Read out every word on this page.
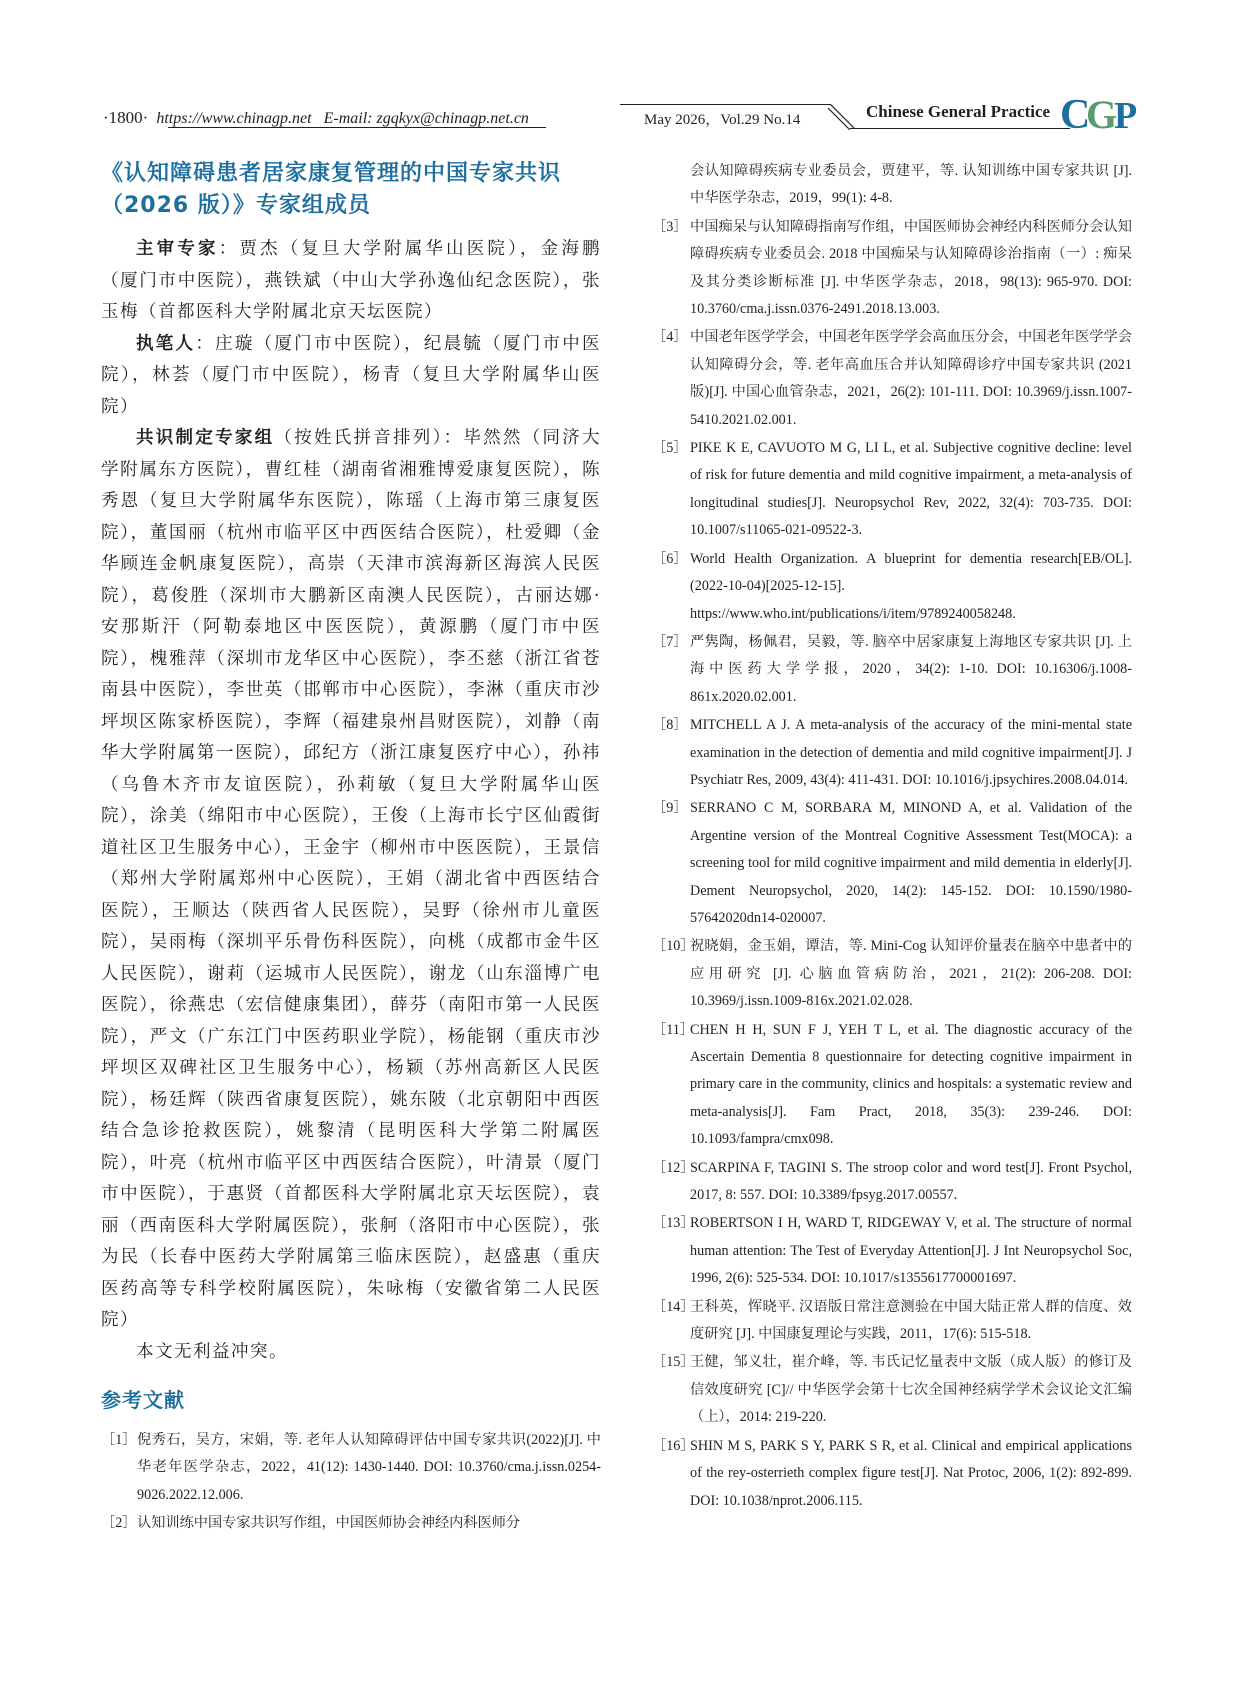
·1800· https://www.chinagp.net E-mail: zgqkyx@chinagp.net.cn	May 2026，Vol.29 No.14	Chinese General Practice C
G
P
《认知障碍患者居家康复管理的中国专家共识（2026 版）》专家组成员

主审专家：贾杰（复旦大学附属华山医院），金海鹏（厦门市中医院），燕铁斌（中山大学孙逸仙纪念医院），张玉梅（首都医科大学附属北京天坛医院）

执笔人：庄璇（厦门市中医院），纪晨毓（厦门市中医院），林荟（厦门市中医院），杨青（复旦大学附属华山医院）

共识制定专家组（按姓氏拼音排列）：毕然然（同济大学附属东方医院），曹红桂（湖南省湘雅博爱康复医院），陈秀恩（复旦大学附属华东医院），陈瑶（上海市第三康复医院），董国丽（杭州市临平区中西医结合医院），杜爱卿（金华顾连金帆康复医院），高崇（天津市滨海新区海滨人民医院），葛俊胜（深圳市大鹏新区南澳人民医院），古丽达娜·安那斯汗（阿勒泰地区中医医院），黄源鹏（厦门市中医院），槐雅萍（深圳市龙华区中心医院），李丕慈（浙江省苍南县中医院），李世英（邯郸市中心医院），李淋（重庆市沙坪坝区陈家桥医院），李辉（福建泉州昌财医院），刘静（南华大学附属第一医院），邱纪方（浙江康复医疗中心），孙祎（乌鲁木齐市友谊医院），孙莉敏（复旦大学附属华山医院），涂美（绵阳市中心医院），王俊（上海市长宁区仙霞街道社区卫生服务中心），王金宇（柳州市中医医院），王景信（郑州大学附属郑州中心医院），王娟（湖北省中西医结合医院），王顺达（陕西省人民医院），吴野（徐州市儿童医院），吴雨梅（深圳平乐骨伤科医院），向桃（成都市金牛区人民医院），谢莉（运城市人民医院），谢龙（山东淄博广电医院），徐燕忠（宏信健康集团），薛芬（南阳市第一人民医院），严文（广东江门中医药职业学院），杨能钢（重庆市沙坪坝区双碑社区卫生服务中心），杨颖（苏州高新区人民医院），杨廷辉（陕西省康复医院），姚东陂（北京朝阳中西医结合急诊抢救医院），姚黎清（昆明医科大学第二附属医院），叶亮（杭州市临平区中西医结合医院），叶清景（厦门市中医院），于惠贤（首都医科大学附属北京天坛医院），袁丽（西南医科大学附属医院），张舸（洛阳市中心医院），张为民（长春中医药大学附属第三临床医院），赵盛惠（重庆医药高等专科学校附属医院），朱咏梅（安徽省第二人民医院）

本文无利益冲突。

参考文献
［1］ 倪秀石，吴方，宋娟，等. 老年人认知障碍评估中国专家共识(2022)[J]. 中华老年医学杂志，2022，41(12): 1430-1440. DOI: 10.3760/cma.j.issn.0254-9026.2022.12.006.
［2］ 认知训练中国专家共识写作组，中国医师协会神经内科医师分
会认知障碍疾病专业委员会，贾建平，等. 认知训练中国专家共识 [J]. 中华医学杂志，2019，99(1): 4-8.
［3］ 中国痴呆与认知障碍指南写作组，中国医师协会神经内科医师分会认知障碍疾病专业委员会. 2018 中国痴呆与认知障碍诊治指南（一）: 痴呆及其分类诊断标准 [J]. 中华医学杂志，2018，98(13): 965-970. DOI: 10.3760/cma.j.issn.0376-2491.2018.13.003.
［4］ 中国老年医学学会，中国老年医学学会高血压分会，中国老年医学学会认知障碍分会，等. 老年高血压合并认知障碍诊疗中国专家共识 (2021 版)[J]. 中国心血管杂志，2021，26(2): 101-111. DOI: 10.3969/j.issn.1007-5410.2021.02.001.
［5］ PIKE K E, CAVUOTO M G, LI L, et al. Subjective cognitive decline: level of risk for future dementia and mild cognitive impairment, a meta-analysis of longitudinal studies[J]. Neuropsychol Rev, 2022, 32(4): 703-735. DOI: 10.1007/s11065-021-09522-3.
［6］ World Health Organization. A blueprint for dementia research[EB/OL]. (2022-10-04)[2025-12-15]. https://www.who.int/publications/i/item/9789240058248.
［7］ 严隽陶，杨佩君，吴毅，等. 脑卒中居家康复上海地区专家共识 [J]. 上海中医药大学学报，2020，34(2): 1-10. DOI: 10.16306/j.1008-861x.2020.02.001.
［8］ MITCHELL A J. A meta-analysis of the accuracy of the mini-mental state examination in the detection of dementia and mild cognitive impairment[J]. J Psychiatr Res, 2009, 43(4): 411-431. DOI: 10.1016/j.jpsychires.2008.04.014.
［9］ SERRANO C M, SORBARA M, MINOND A, et al. Validation of the Argentine version of the Montreal Cognitive Assessment Test(MOCA): a screening tool for mild cognitive impairment and mild dementia in elderly[J]. Dement Neuropsychol, 2020, 14(2): 145-152. DOI: 10.1590/1980-57642020dn14-020007.
［10］
祝晓娟，金玉娟，谭洁，等. Mini-Cog 认知评价量表在脑卒中患者中的应用研究 [J]. 心脑血管病防治，2021，21(2): 206-208. DOI: 10.3969/j.issn.1009-816x.2021.02.028.
［11］
CHEN H H, SUN F J, YEH T L, et al. The diagnostic accuracy of the Ascertain Dementia 8 questionnaire for detecting cognitive impairment in primary care in the community, clinics and hospitals: a systematic review and meta-analysis[J]. Fam Pract, 2018, 35(3): 239-246. DOI: 10.1093/fampra/cmx098.
［12］
SCARPINA F, TAGINI S. The stroop color and word test[J]. Front Psychol, 2017, 8: 557. DOI: 10.3389/fpsyg.2017.00557.
［13］
ROBERTSON I H, WARD T, RIDGEWAY V, et al. The structure of normal human attention: The Test of Everyday Attention[J]. J Int Neuropsychol Soc, 1996, 2(6): 525-534. DOI: 10.1017/s1355617700001697.
［14］
王科英，恽晓平. 汉语版日常注意测验在中国大陆正常人群的信度、效度研究 [J]. 中国康复理论与实践，2011，17(6): 515-518.
［15］
王健，邹义壮，崔介峰，等. 韦氏记忆量表中文版（成人版）的修订及信效度研究 [C]// 中华医学会第十七次全国神经病学学术会议论文汇编（上），2014: 219-220.
［16］
SHIN M S, PARK S Y, PARK S R, et al. Clinical and empirical applications of the rey-osterrieth complex figure test[J]. Nat Protoc, 2006, 1(2): 892-899. DOI: 10.1038/nprot.2006.115.
